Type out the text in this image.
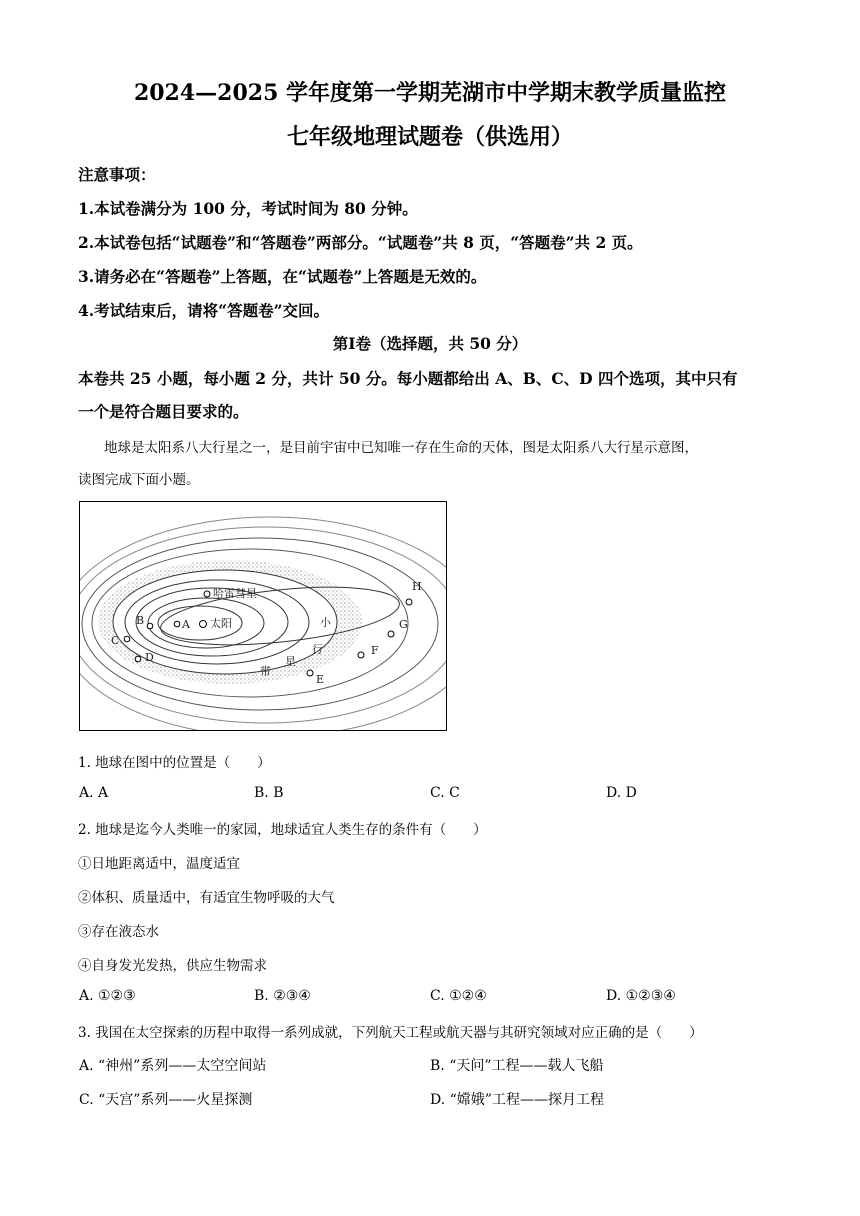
2024—2025 学年度第一学期芜湖市中学期末教学质量监控
七年级地理试题卷（供选用）
注意事项：
1.本试卷满分为 100 分，考试时间为 80 分钟。
2.本试卷包括“试题卷”和“答题卷”两部分。“试题卷”共 8 页，“答题卷”共 2 页。
3.请务必在“答题卷”上答题，在“试题卷”上答题是无效的。
4.考试结束后，请将“答题卷”交回。
第Ⅰ卷（选择题，共 50 分）
本卷共 25 小题，每小题 2 分，共计 50 分。每小题都给出 A、B、C、D 四个选项，其中只有
一个是符合题目要求的。
地球是太阳系八大行星之一，是目前宇宙中已知唯一存在生命的天体，图是太阳系八大行星示意图，
读图完成下面小题。
太阳
哈雷彗星
A
B
C
D
E
F
G
H
小
行
星
带
1. 地球在图中的位置是（　　）
A. A	B. B	C. C	D. D
2. 地球是迄今人类唯一的家园，地球适宜人类生存的条件有（　　）
①日地距离适中，温度适宜
②体积、质量适中，有适宜生物呼吸的大气
③存在液态水
④自身发光发热，供应生物需求
A. ①②③	B. ②③④	C. ①②④	D. ①②③④
3. 我国在太空探索的历程中取得一系列成就，下列航天工程或航天器与其研究领域对应正确的是（　　）
A. “神州”系列——太空空间站	B. “天问”工程——载人飞船
C. “天宫”系列——火星探测	D. “嫦娥”工程——探月工程
